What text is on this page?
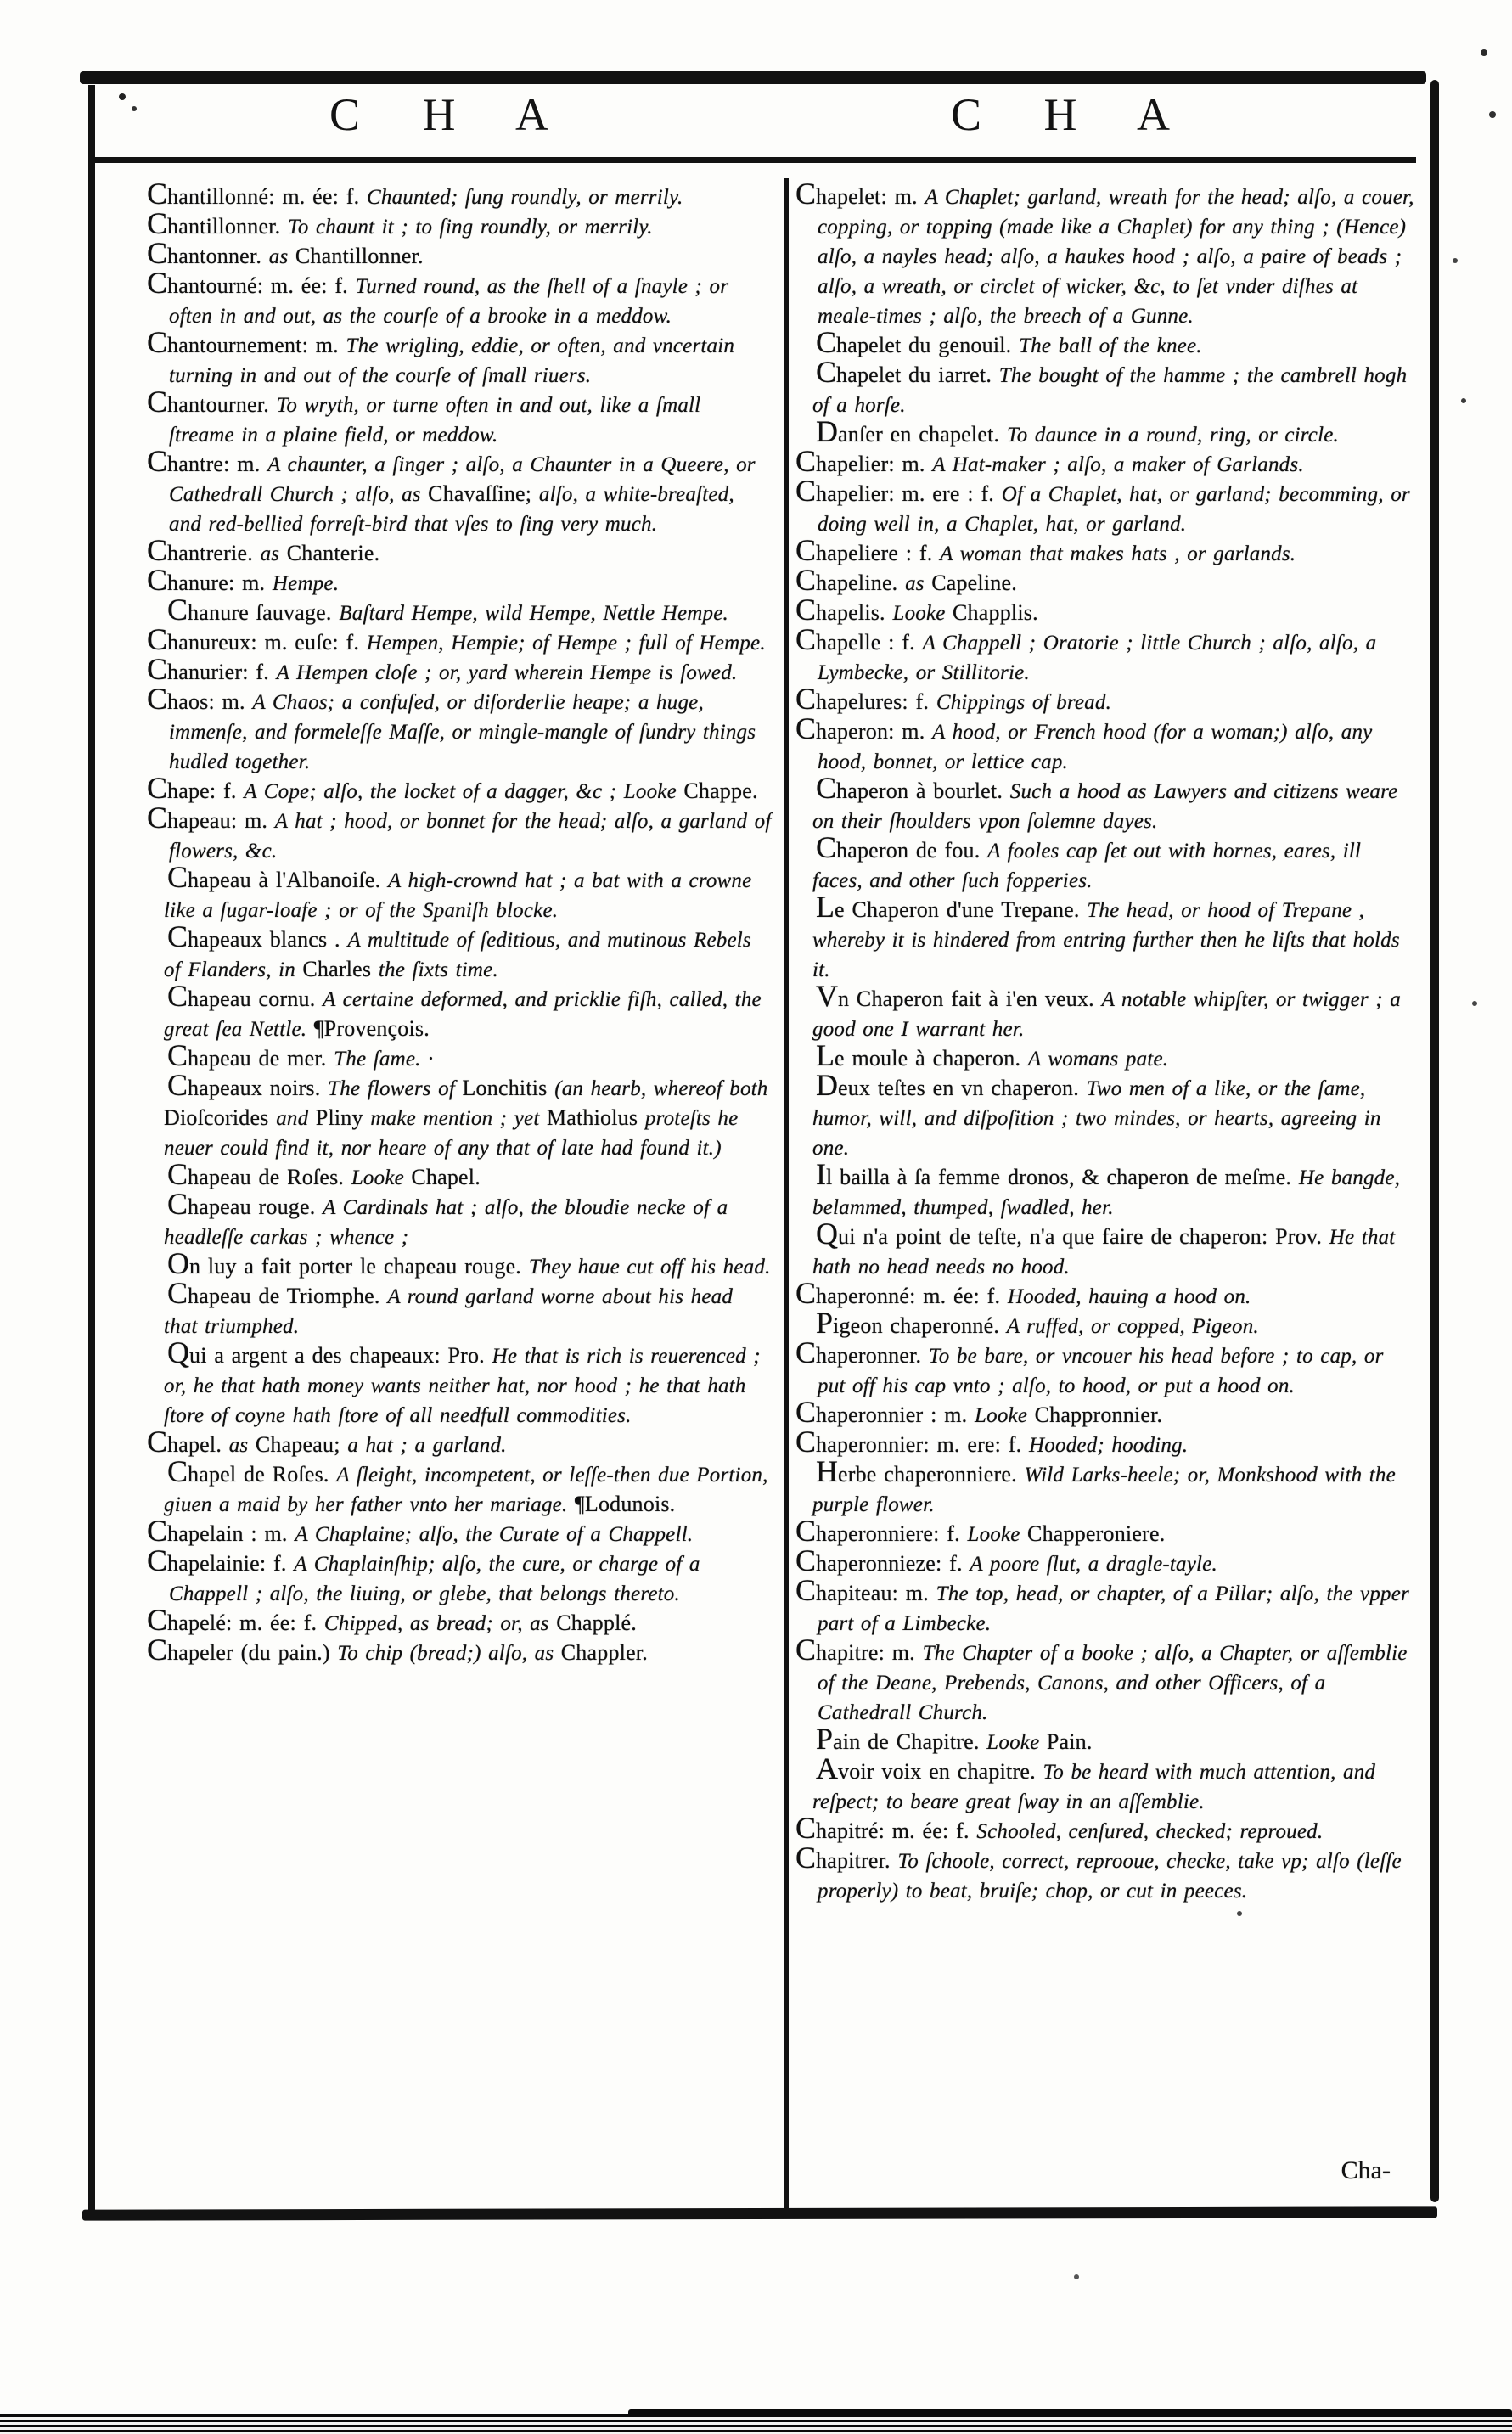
C H A	C H A

Chantillonné: m. ée: f. Chaunted; ſung roundly, or merrily.

Chantillonner. To chaunt it ; to ſing roundly, or merrily.

Chantonner. as Chantillonner.

Chantourné: m. ée: f. Turned round, as the ſhell of a ſnayle ; or often in and out, as the courſe of a brooke in a meddow.

Chantournement: m. The wrigling, eddie, or often, and vncertain turning in and out of the courſe of ſmall riuers.

Chantourner. To wryth, or turne often in and out, like a ſmall ſtreame in a plaine field, or meddow.

Chantre: m. A chaunter, a ſinger ; alſo, a Chaunter in a Queere, or Cathedrall Church ; alſo, as Chavaſſine; alſo, a white-breaſted, and red-bellied forreſt-bird that vſes to ſing very much.

Chantrerie. as Chanterie.

Chanure: m. Hempe.

Chanure ſauvage. Baſtard Hempe, wild Hempe, Nettle Hempe.

Chanureux: m. euſe: f. Hempen, Hempie; of Hempe ; full of Hempe.

Chanurier: f. A Hempen cloſe ; or, yard wherein Hempe is ſowed.

Chaos: m. A Chaos; a confuſed, or diſorderlie heape; a huge, immenſe, and formeleſſe Maſſe, or mingle-mangle of ſundry things hudled together.

Chape: f. A Cope; alſo, the locket of a dagger, &c ; Looke Chappe.

Chapeau: m. A hat ; hood, or bonnet for the head; alſo, a garland of flowers, &c.

Chapeau à l'Albanoiſe. A high-crownd hat ; a bat with a crowne like a ſugar-loafe ; or of the Spaniſh blocke.

Chapeaux blancs . A multitude of ſeditious, and mutinous Rebels of Flanders, in Charles the ſixts time.

Chapeau cornu. A certaine deformed, and pricklie fiſh, called, the great ſea Nettle. ¶Provençois.

Chapeau de mer. The ſame. ·

Chapeaux noirs. The flowers of Lonchitis (an hearb, whereof both Dioſcorides and Pliny make mention ; yet Mathiolus proteſts he neuer could find it, nor heare of any that of late had found it.)

Chapeau de Roſes. Looke Chapel.

Chapeau rouge. A Cardinals hat ; alſo, the bloudie necke of a headleſſe carkas ; whence ;

On luy a fait porter le chapeau rouge. They haue cut off his head.

Chapeau de Triomphe. A round garland worne about his head that triumphed.

Qui a argent a des chapeaux: Pro. He that is rich is reuerenced ; or, he that hath money wants neither hat, nor hood ; he that hath ſtore of coyne hath ſtore of all needfull commodities.

Chapel. as Chapeau; a hat ; a garland.

Chapel de Roſes. A ſleight, incompetent, or leſſe-then due Portion, giuen a maid by her father vnto her mariage. ¶Lodunois.

Chapelain : m. A Chaplaine; alſo, the Curate of a Chappell.

Chapelainie: f. A Chaplainſhip; alſo, the cure, or charge of a Chappell ; alſo, the liuing, or glebe, that belongs thereto.

Chapelé: m. ée: f. Chipped, as bread; or, as Chapplé.

Chapeler (du pain.) To chip (bread;) alſo, as Chappler.

Chapelet: m. A Chaplet; garland, wreath for the head; alſo, a couer, copping, or topping (made like a Chaplet) for any thing ; (Hence) alſo, a nayles head; alſo, a haukes hood ; alſo, a paire of beads ; alſo, a wreath, or circlet of wicker, &c, to ſet vnder diſhes at meale-times ; alſo, the breech of a Gunne.

Chapelet du genouil. The ball of the knee.

Chapelet du iarret. The bought of the hamme ; the cambrell hogh of a horſe.

Danſer en chapelet. To daunce in a round, ring, or circle.

Chapelier: m. A Hat-maker ; alſo, a maker of Garlands.

Chapelier: m. ere : f. Of a Chaplet, hat, or garland; becomming, or doing well in, a Chaplet, hat, or garland.

Chapeliere : f. A woman that makes hats , or garlands.

Chapeline. as Capeline.

Chapelis. Looke Chapplis.

Chapelle : f. A Chappell ; Oratorie ; little Church ; alſo, alſo, a Lymbecke, or Stillitorie.

Chapelures: f. Chippings of bread.

Chaperon: m. A hood, or French hood (for a woman;) alſo, any hood, bonnet, or lettice cap.

Chaperon à bourlet. Such a hood as Lawyers and citizens weare on their ſhoulders vpon ſolemne dayes.

Chaperon de fou. A fooles cap ſet out with hornes, eares, ill faces, and other ſuch fopperies.

Le Chaperon d'une Trepane. The head, or hood of Trepane , whereby it is hindered from entring further then he liſts that holds it.

Vn Chaperon fait à i'en veux. A notable whipſter, or twigger ; a good one I warrant her.

Le moule à chaperon. A womans pate.

Deux teſtes en vn chaperon. Two men of a like, or the ſame, humor, will, and diſpoſition ; two mindes, or hearts, agreeing in one.

Il bailla à ſa femme dronos, & chaperon de meſme. He bangde, belammed, thumped, ſwadled, her.

Qui n'a point de teſte, n'a que faire de chaperon: Prov. He that hath no head needs no hood.

Chaperonné: m. ée: f. Hooded, hauing a hood on.

Pigeon chaperonné. A ruffed, or copped, Pigeon.

Chaperonner. To be bare, or vncouer his head before ; to cap, or put off his cap vnto ; alſo, to hood, or put a hood on.

Chaperonnier : m. Looke Chappronnier.

Chaperonnier: m. ere: f. Hooded; hooding.

Herbe chaperonniere. Wild Larks-heele; or, Monkshood with the purple flower.

Chaperonniere: f. Looke Chapperoniere.

Chaperonnieze: f. A poore ſlut, a dragle-tayle.

Chapiteau: m. The top, head, or chapter, of a Pillar; alſo, the vpper part of a Limbecke.

Chapitre: m. The Chapter of a booke ; alſo, a Chapter, or aſſemblie of the Deane, Prebends, Canons, and other Officers, of a Cathedrall Church.

Pain de Chapitre. Looke Pain.

Avoir voix en chapitre. To be heard with much attention, and reſpect; to beare great ſway in an aſſemblie.

Chapitré: m. ée: f. Schooled, cenſured, checked; reproued.

Chapitrer. To ſchoole, correct, reprooue, checke, take vp; alſo (leſſe properly) to beat, bruiſe; chop, or cut in peeces.

Cha-
